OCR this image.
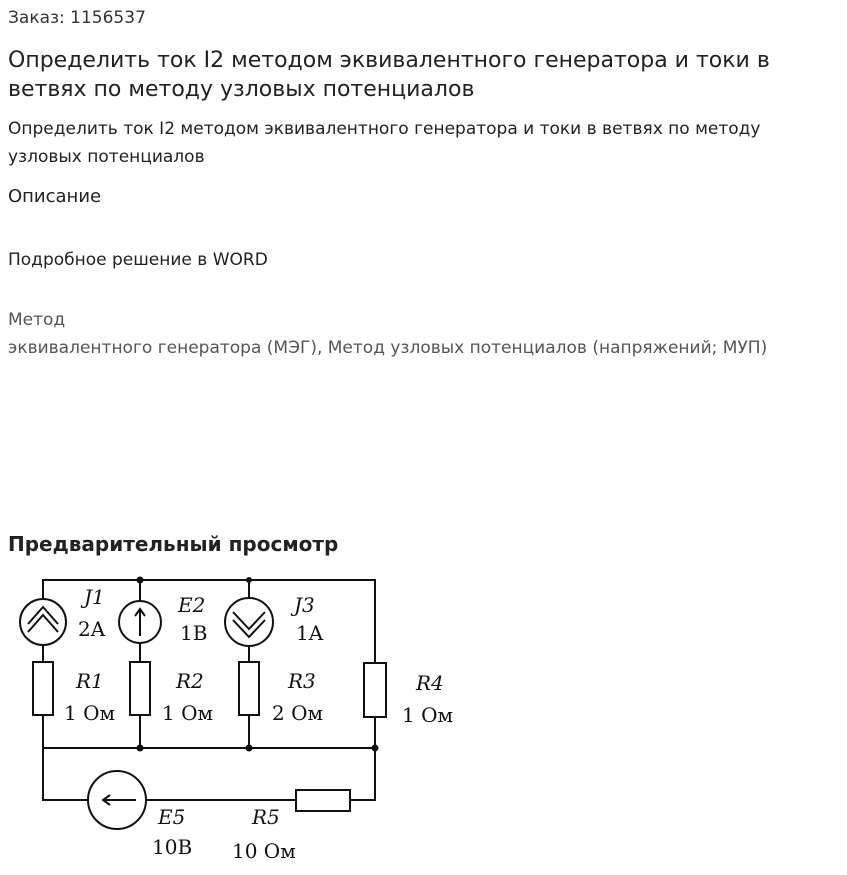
Заказ: 1156537
Определить ток I2 методом эквивалентного генератора и токи в ветвях по методу узловых потенциалов
Определить ток I2 методом эквивалентного генератора и токи в ветвях по методу узловых потенциалов
Описание
Подробное решение в WORD
Метод
эквивалентного генератора (МЭГ), Метод узловых потенциалов (напряжений; МУП)
Предварительный просмотр
J1
2A
E2
1B
J3
1A
R1
1 Ом
R2
1 Ом
R3
2 Ом
R4
1 Ом
E5
10B
R5
10 Ом
